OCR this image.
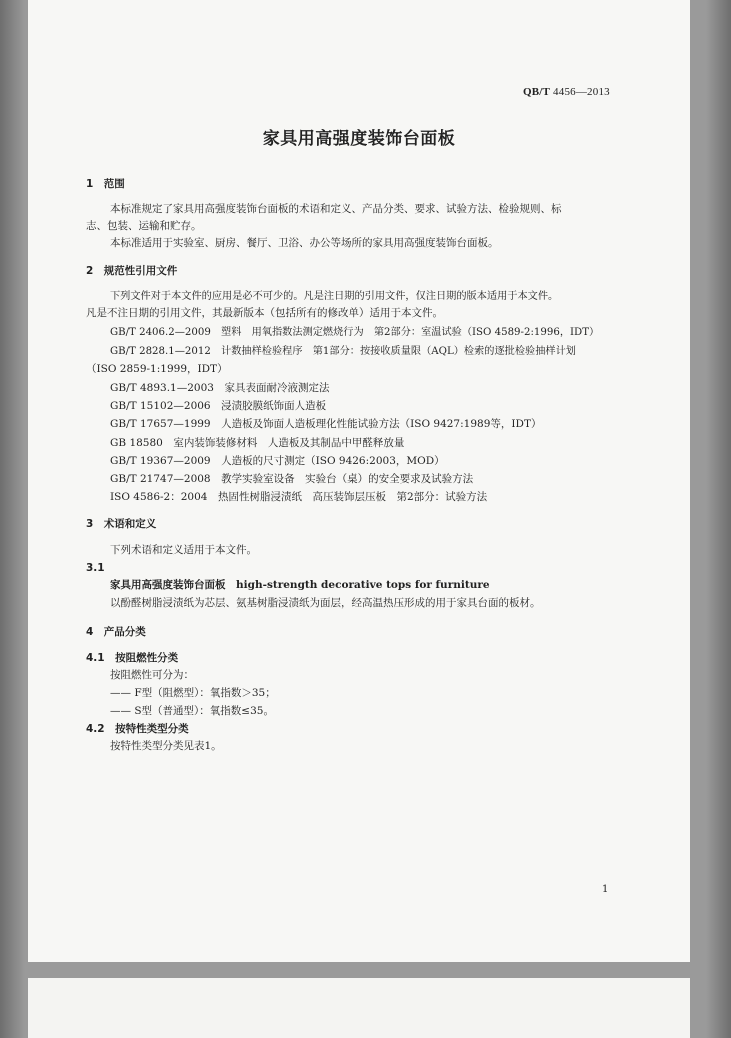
QB/T 4456—2013
家具用高强度装饰台面板
1　范围
本标准规定了家具用高强度装饰台面板的术语和定义、产品分类、要求、试验方法、检验规则、标
志、包装、运输和贮存。
本标准适用于实验室、厨房、餐厅、卫浴、办公等场所的家具用高强度装饰台面板。
2　规范性引用文件
下列文件对于本文件的应用是必不可少的。凡是注日期的引用文件，仅注日期的版本适用于本文件。
凡是不注日期的引用文件，其最新版本（包括所有的修改单）适用于本文件。
GB/T 2406.2—2009　塑料　用氧指数法测定燃烧行为　第2部分：室温试验（ISO 4589-2:1996，IDT）
GB/T 2828.1—2012　计数抽样检验程序　第1部分：按接收质量限（AQL）检索的逐批检验抽样计划
（ISO 2859-1:1999，IDT）
GB/T 4893.1—2003　家具表面耐冷液测定法
GB/T 15102—2006　浸渍胶膜纸饰面人造板
GB/T 17657—1999　人造板及饰面人造板理化性能试验方法（ISO 9427:1989等，IDT）
GB 18580　室内装饰装修材料　人造板及其制品中甲醛释放量
GB/T 19367—2009　人造板的尺寸测定（ISO 9426:2003，MOD）
GB/T 21747—2008　教学实验室设备　实验台（桌）的安全要求及试验方法
ISO 4586-2：2004　热固性树脂浸渍纸　高压装饰层压板　第2部分：试验方法
3　术语和定义
下列术语和定义适用于本文件。
3.1
家具用高强度装饰台面板　high-strength decorative tops for furniture
以酚醛树脂浸渍纸为芯层、氨基树脂浸渍纸为面层，经高温热压形成的用于家具台面的板材。
4　产品分类
4.1　按阻燃性分类
按阻燃性可分为：
—— F型（阻燃型）：氧指数＞35；
—— S型（普通型）：氧指数≤35。
4.2　按特性类型分类
按特性类型分类见表1。
1
